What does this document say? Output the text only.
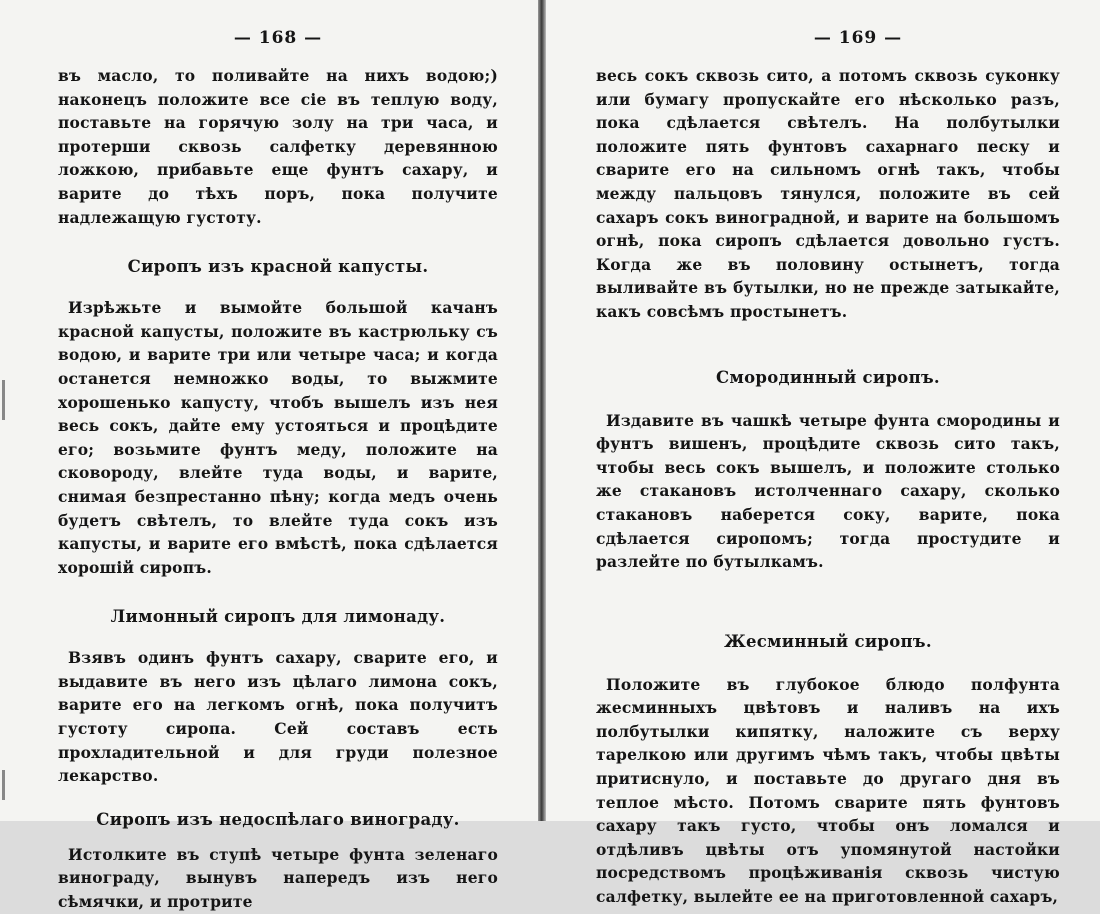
— 168 —

въ масло, то поливайте на нихъ водою;) наконецъ положите все сіе въ теплую воду, поставьте на горячую золу на три часа, и протерши сквозь салфетку деревянною ложкою, прибавьте еще фунтъ сахару, и варите до тѣхъ поръ, пока получите надлежащую густоту.

Сиропъ изъ красной капусты.

Изрѣжьте и вымойте большой качанъ красной капусты, положите въ кастрюльку съ водою, и варите три или четыре часа; и когда останется немножко воды, то выжмите хорошенько капусту, чтобъ вышелъ изъ нея весь сокъ, дайте ему устояться и процѣдите его; возьмите фунтъ меду, положите на сковороду, влейте туда воды, и варите, снимая безпрестанно пѣну; когда медъ очень будетъ свѣтелъ, то влейте туда сокъ изъ капусты, и варите его вмѣстѣ, пока сдѣлается хорошій сиропъ.

Лимонный сиропъ для лимонаду.

Взявъ одинъ фунтъ сахару, сварите его, и выдавите въ него изъ цѣлаго лимона сокъ, варите его на легкомъ огнѣ, пока получитъ густоту сиропа. Сей составъ есть прохладительной и для груди полезное лекарство.

Сиропъ изъ недоспѣлаго винограду.

Истолките въ ступѣ четыре фунта зеленаго винограду, вынувъ напередъ изъ него сѣмячки, и протрите

— 169 —

весь сокъ сквозь сито, а потомъ сквозь суконку или бумагу пропускайте его нѣсколько разъ, пока сдѣлается свѣтелъ. На полбутылки положите пять фунтовъ сахарнаго песку и сварите его на сильномъ огнѣ такъ, чтобы между пальцовъ тянулся, положите въ сей сахаръ сокъ виноградной, и варите на большомъ огнѣ, пока сиропъ сдѣлается довольно густъ. Когда же въ половину остынетъ, тогда выливайте въ бутылки, но не прежде затыкайте, какъ совсѣмъ простынетъ.

Смородинный сиропъ.

Издавите въ чашкѣ четыре фунта смородины и фунтъ вишенъ, процѣдите сквозь сито такъ, чтобы весь сокъ вышелъ, и положите столько же стакановъ истолченнаго сахару, сколько стакановъ наберется соку, варите, пока сдѣлается сиропомъ; тогда простудите и разлейте по бутылкамъ.

Жесминный сиропъ.

Положите въ глубокое блюдо полфунта жесминныхъ цвѣтовъ и наливъ на ихъ полбутылки кипятку, наложите съ верху тарелкою или другимъ чѣмъ такъ, чтобы цвѣты притиснуло, и поставьте до другаго дня въ теплое мѣсто. Потомъ сварите пять фунтовъ сахару такъ густо, чтобы онъ ломался и отдѣливъ цвѣты отъ упомянутой настойки посредствомъ процѣживанія сквозь чистую салфетку, вылейте ее на приготовленной сахаръ,
